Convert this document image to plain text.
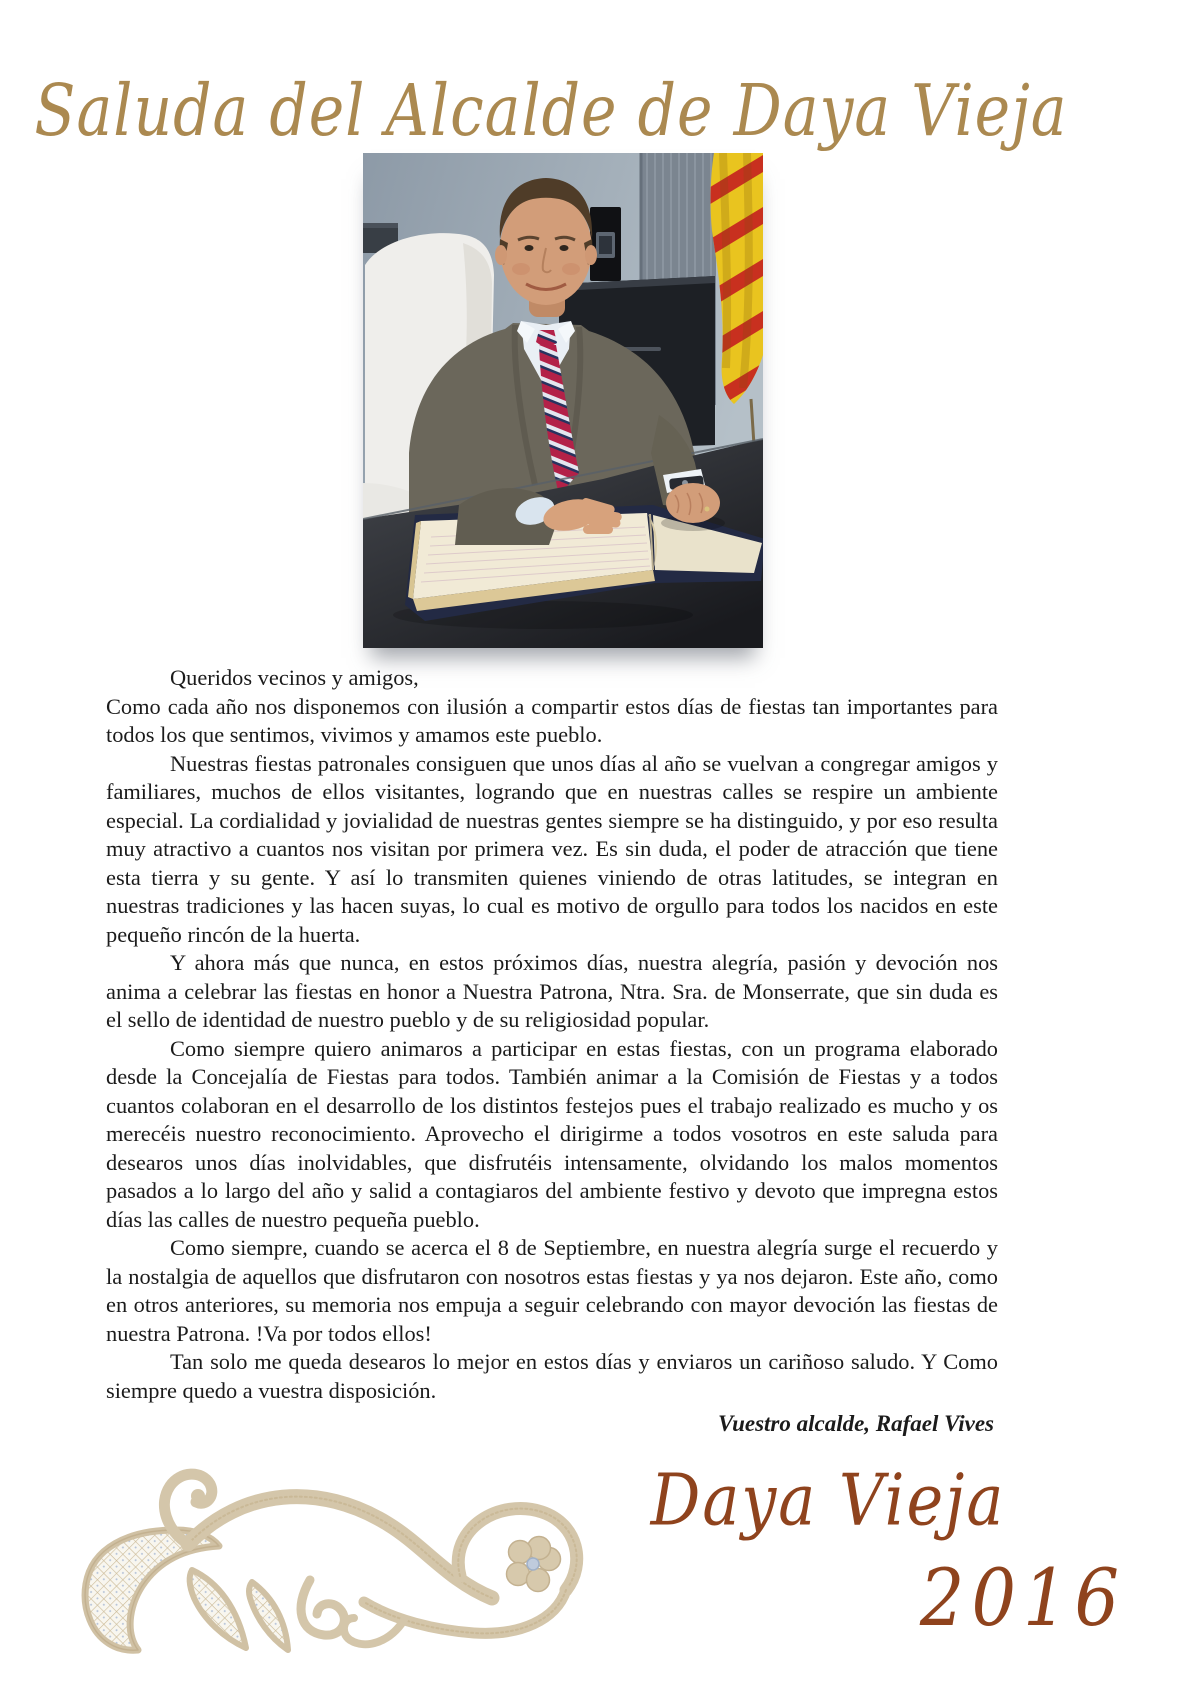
Saluda del Alcalde de Daya Vieja
Queridos vecinos y amigos,

Como cada año nos disponemos con ilusión a compartir estos días de fiestas tan importantes para todos los que sentimos, vivimos y amamos este pueblo.

Nuestras fiestas patronales consiguen que unos días al año se vuelvan a congregar amigos y familiares, muchos de ellos visitantes, logrando que en nuestras calles se respire un ambiente especial. La cordialidad y jovialidad de nuestras gentes siempre se ha distinguido, y por eso resulta muy atractivo a cuantos nos visitan por primera vez. Es sin duda, el poder de atracción que tiene esta tierra y su gente. Y así lo transmiten quienes viniendo de otras latitudes, se integran en nuestras tradiciones y las hacen suyas, lo cual es motivo de orgullo para todos los nacidos en este pequeño rincón de la huerta.

Y ahora más que nunca, en estos próximos días, nuestra alegría, pasión y devoción nos anima a celebrar las fiestas en honor a Nuestra Patrona, Ntra. Sra. de Monserrate, que sin duda es el sello de identidad de nuestro pueblo y de su religiosidad popular.

Como siempre quiero animaros a participar en estas fiestas, con un programa elaborado desde la Concejalía de Fiestas para todos. También animar a la Comisión de Fiestas y a todos cuantos colaboran en el desarrollo de los distintos festejos pues el trabajo realizado es mucho y os merecéis nuestro reconocimiento. Aprovecho el dirigirme a todos vosotros en este saluda para desearos unos días inolvidables, que disfrutéis intensamente, olvidando los malos momentos pasados a lo largo del año y salid a contagiaros del ambiente festivo y devoto que impregna estos días las calles de nuestro pequeña pueblo.

Como siempre, cuando se acerca el 8 de Septiembre, en nuestra alegría surge el recuerdo y la nostalgia de aquellos que disfrutaron con nosotros estas fiestas y ya nos dejaron. Este año, como en otros anteriores, su memoria nos empuja a seguir celebrando con mayor devoción las fiestas de nuestra Patrona. !Va por todos ellos!

Tan solo me queda desearos lo mejor en estos días y enviaros un cariñoso saludo. Y Como siempre quedo a vuestra disposición.

Vuestro alcalde, Rafael Vives
Daya Vieja
2016
